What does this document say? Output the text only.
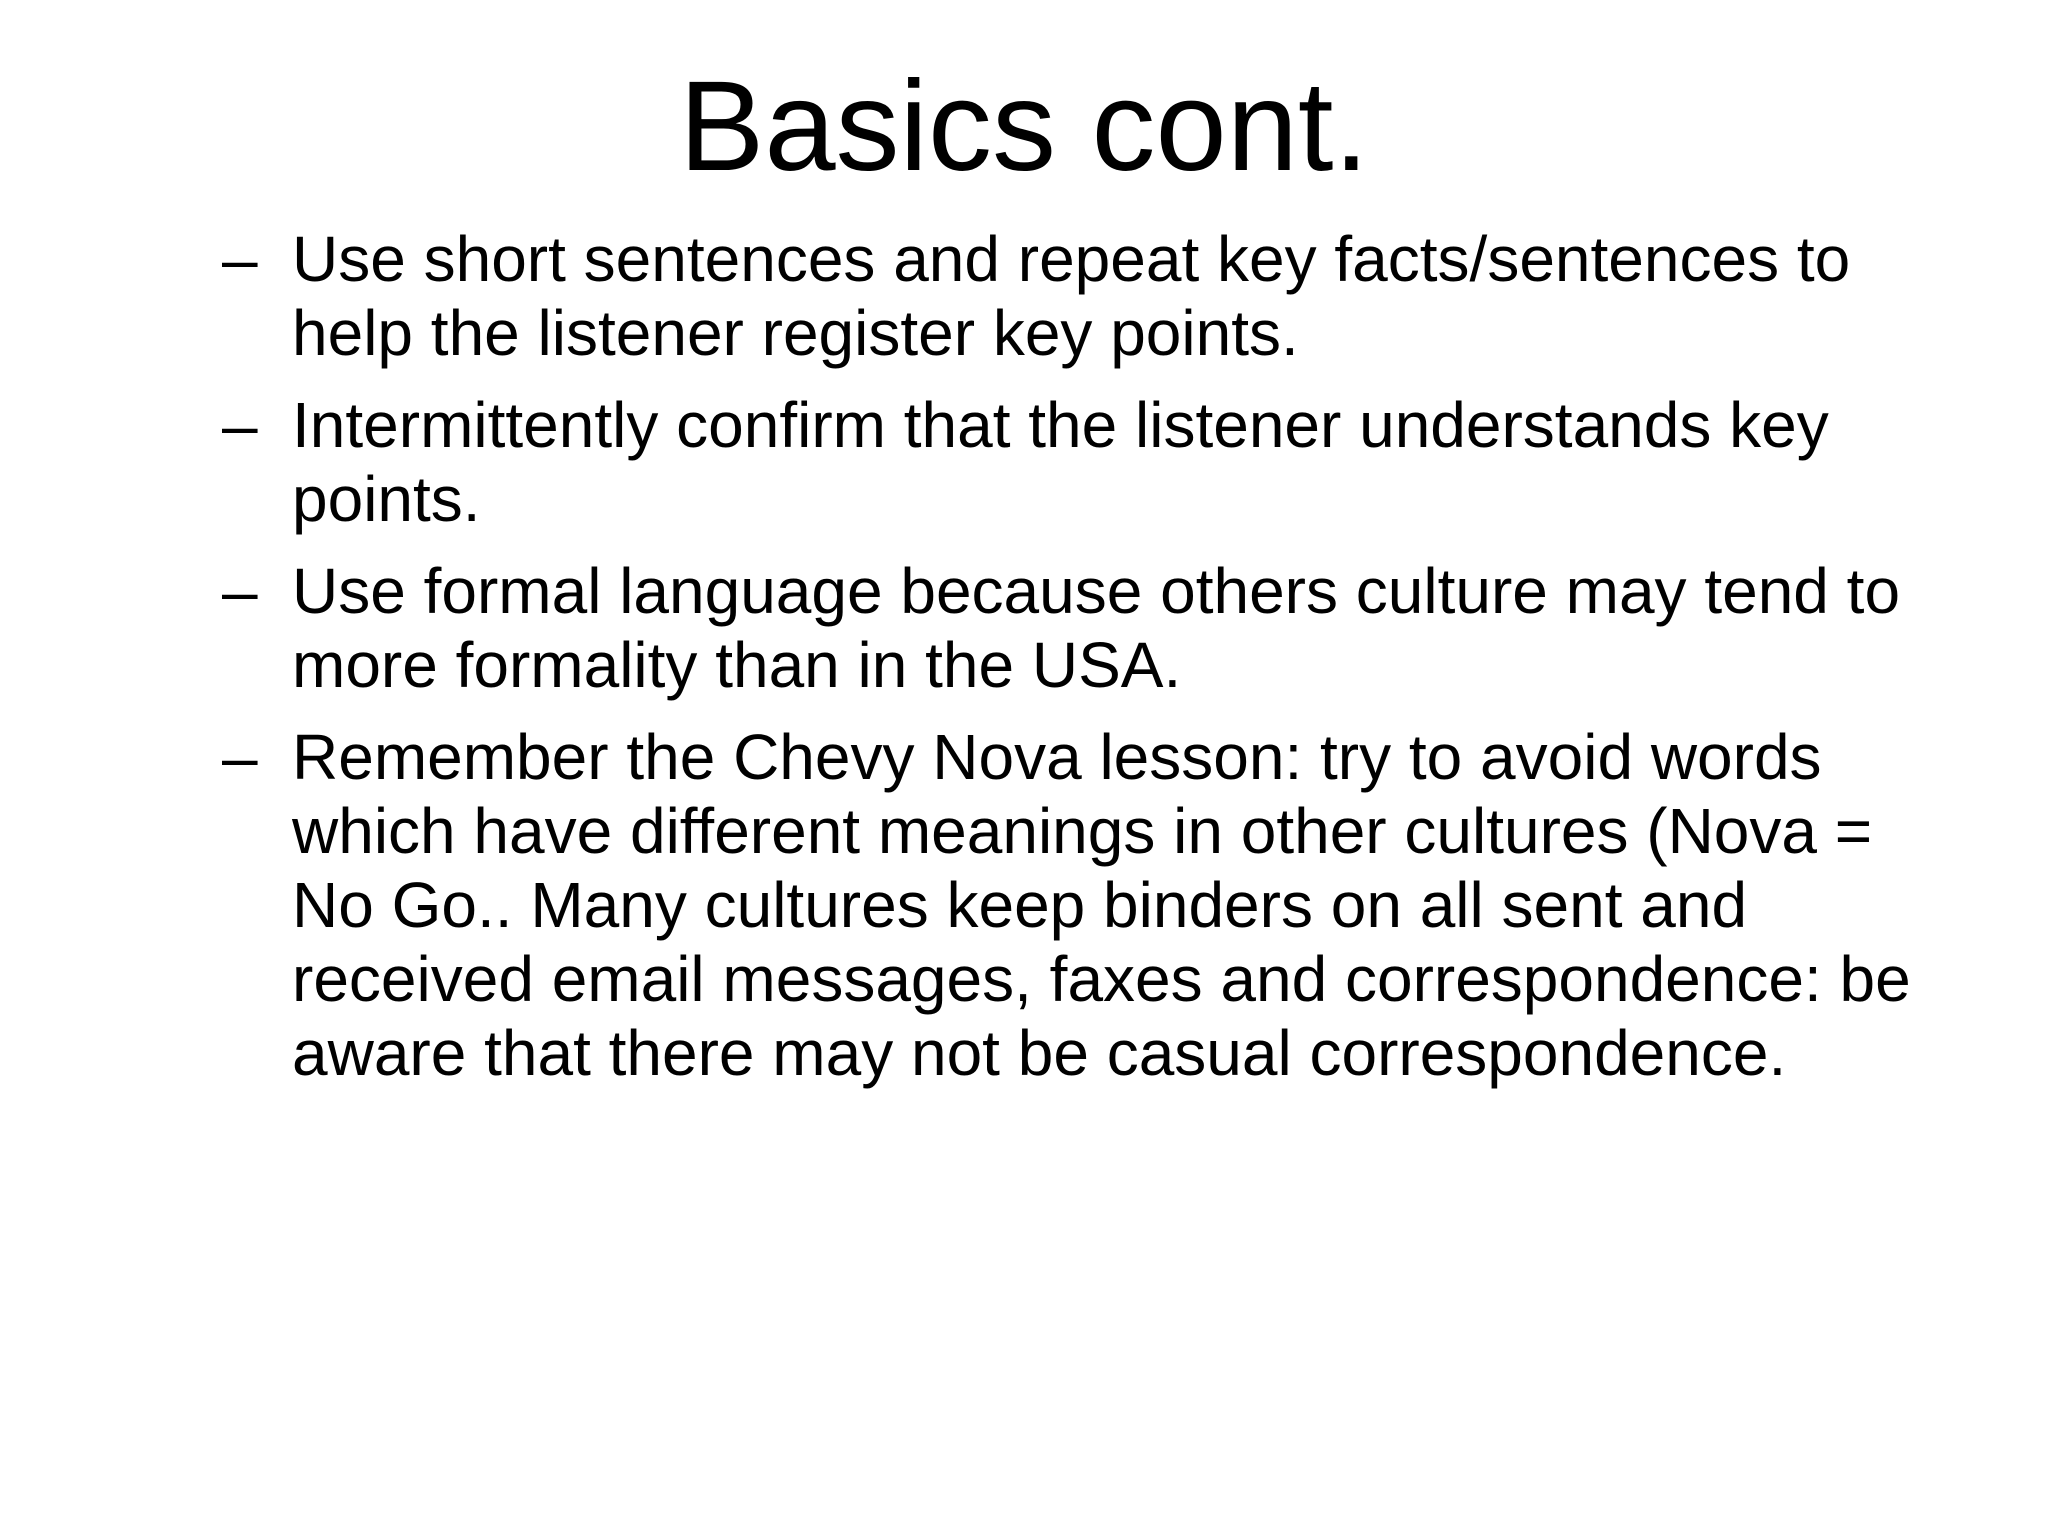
Basics cont.
– Use short sentences and repeat key facts/sentences to help the listener register key points.
– Intermittently confirm that the listener understands key points.
– Use formal language because others culture may tend to more formality than in the USA.
– Remember the Chevy Nova lesson: try to avoid words which have different meanings in other cultures (Nova = No Go.. Many cultures keep binders on all sent and received email messages, faxes and correspondence: be aware that there may not be casual correspondence.
